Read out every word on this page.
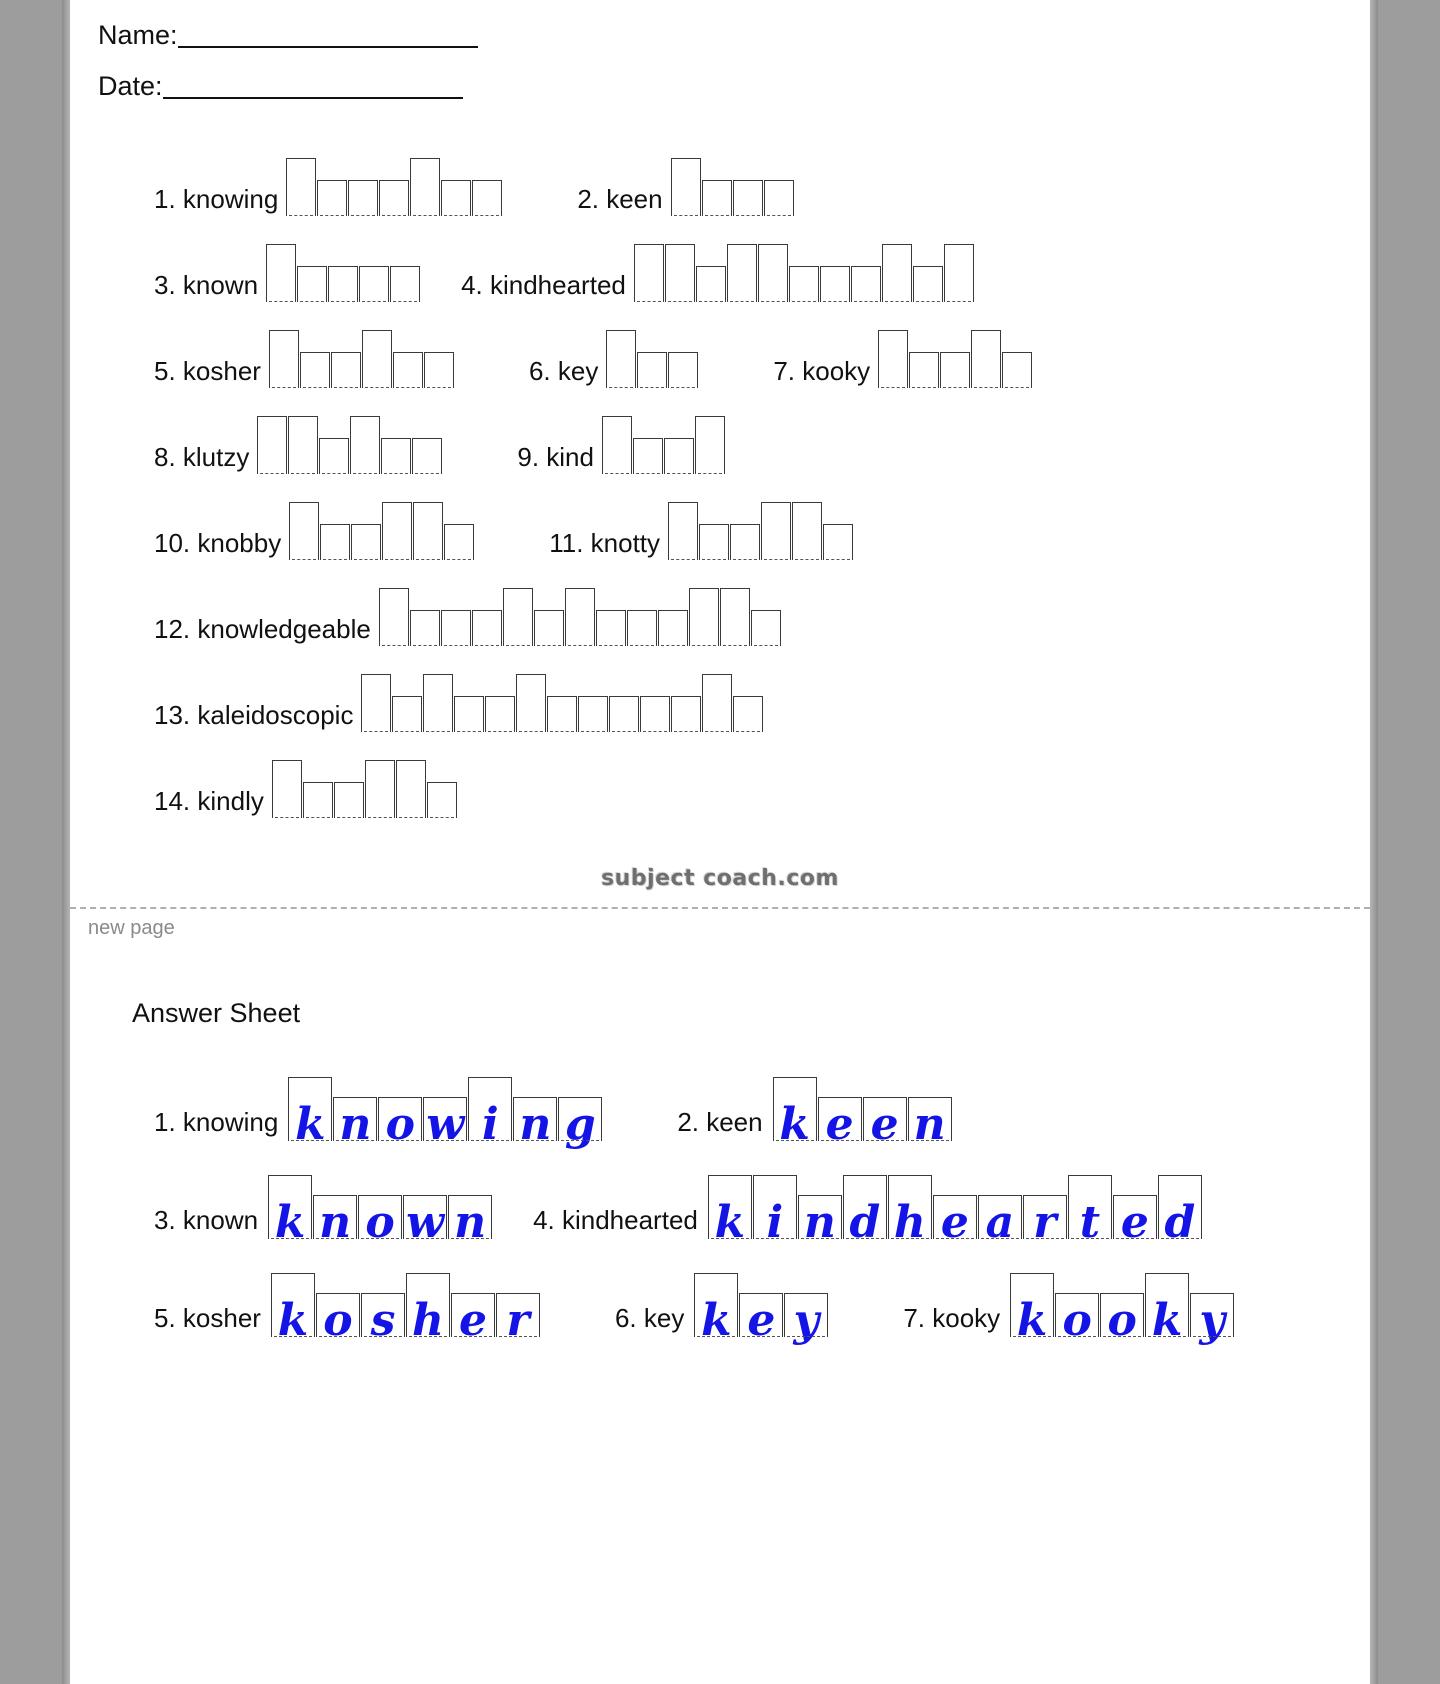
Name:
Date:
1. knowing	2. keen
3. known	4. kindhearted
5. kosher	6. key	7. kooky
8. klutzy	9. kind
10. knobby	11. knotty
12. knowledgeable
13. kaleidoscopic
14. kindly
subject coach.com
new page
Answer Sheet
1. knowing k n o w i n g	2. keen k e e n
3. known k n o w n 4. kindhearted k i n d h e a r t e d
5. kosher k o s h e r	6. key k e y	7. kooky k o o k y
